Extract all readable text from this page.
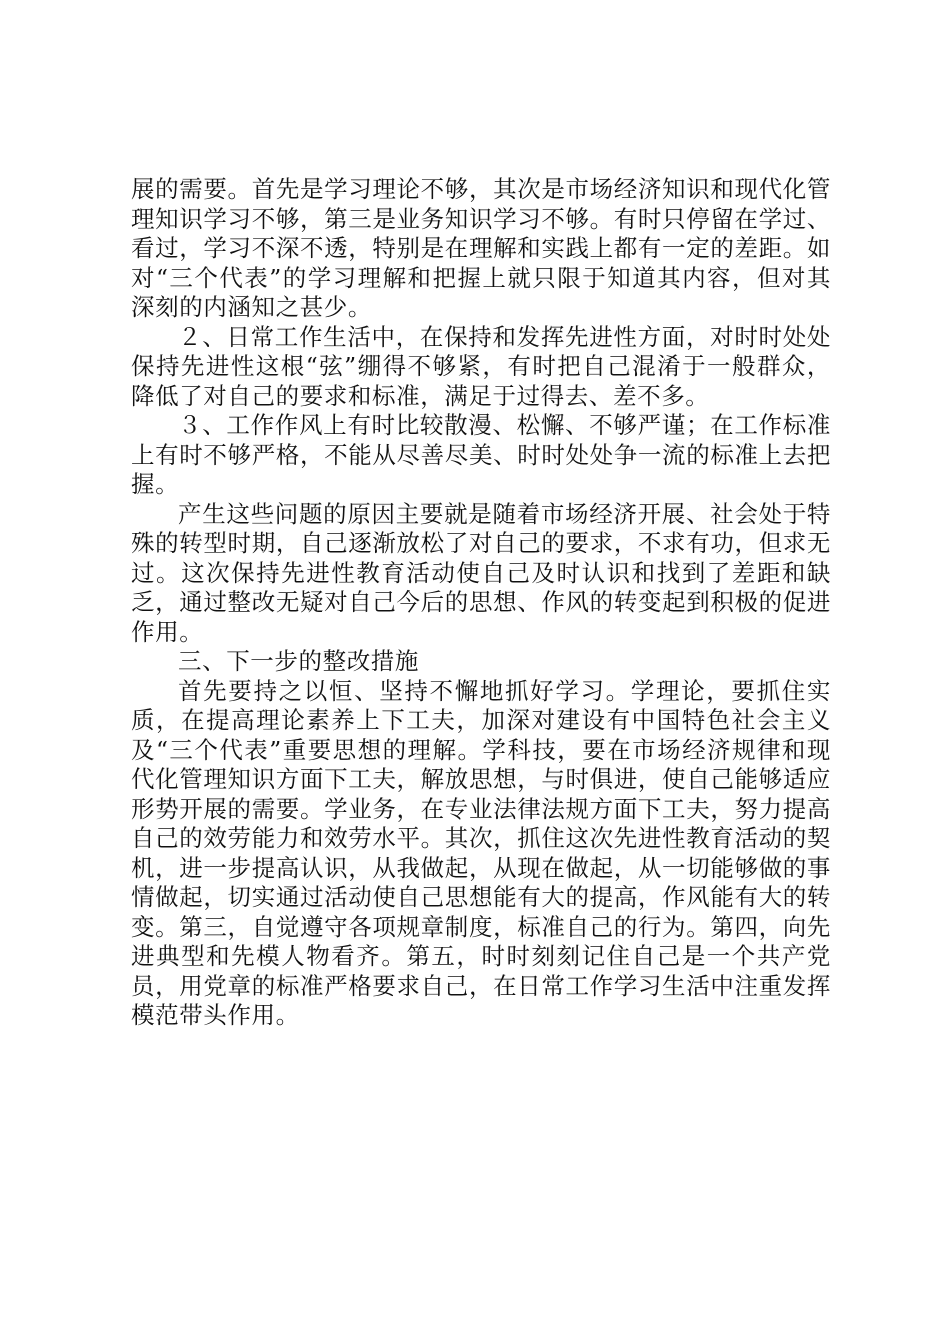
展的需要。首先是学习理论不够，其次是市场经济知识和现代化管理知识学习不够，第三是业务知识学习不够。有时只停留在学过、看过，学习不深不透，特别是在理解和实践上都有一定的差距。如对“三个代表”的学习理解和把握上就只限于知道其内容，但对其深刻的内涵知之甚少。

２、日常工作生活中，在保持和发挥先进性方面，对时时处处保持先进性这根“弦”绷得不够紧，有时把自己混淆于一般群众，降低了对自己的要求和标准，满足于过得去、差不多。

３、工作作风上有时比较散漫、松懈、不够严谨；在工作标准上有时不够严格，不能从尽善尽美、时时处处争一流的标准上去把握。

产生这些问题的原因主要就是随着市场经济开展、社会处于特殊的转型时期，自己逐渐放松了对自己的要求，不求有功，但求无过。这次保持先进性教育活动使自己及时认识和找到了差距和缺乏，通过整改无疑对自己今后的思想、作风的转变起到积极的促进作用。

三、下一步的整改措施

首先要持之以恒、坚持不懈地抓好学习。学理论，要抓住实质，在提高理论素养上下工夫，加深对建设有中国特色社会主义及“三个代表”重要思想的理解。学科技，要在市场经济规律和现代化管理知识方面下工夫，解放思想，与时俱进，使自己能够适应形势开展的需要。学业务，在专业法律法规方面下工夫，努力提高自己的效劳能力和效劳水平。其次，抓住这次先进性教育活动的契机，进一步提高认识，从我做起，从现在做起，从一切能够做的事情做起，切实通过活动使自己思想能有大的提高，作风能有大的转变。第三，自觉遵守各项规章制度，标准自己的行为。第四，向先进典型和先模人物看齐。第五，时时刻刻记住自己是一个共产党员，用党章的标准严格要求自己，在日常工作学习生活中注重发挥模范带头作用。
